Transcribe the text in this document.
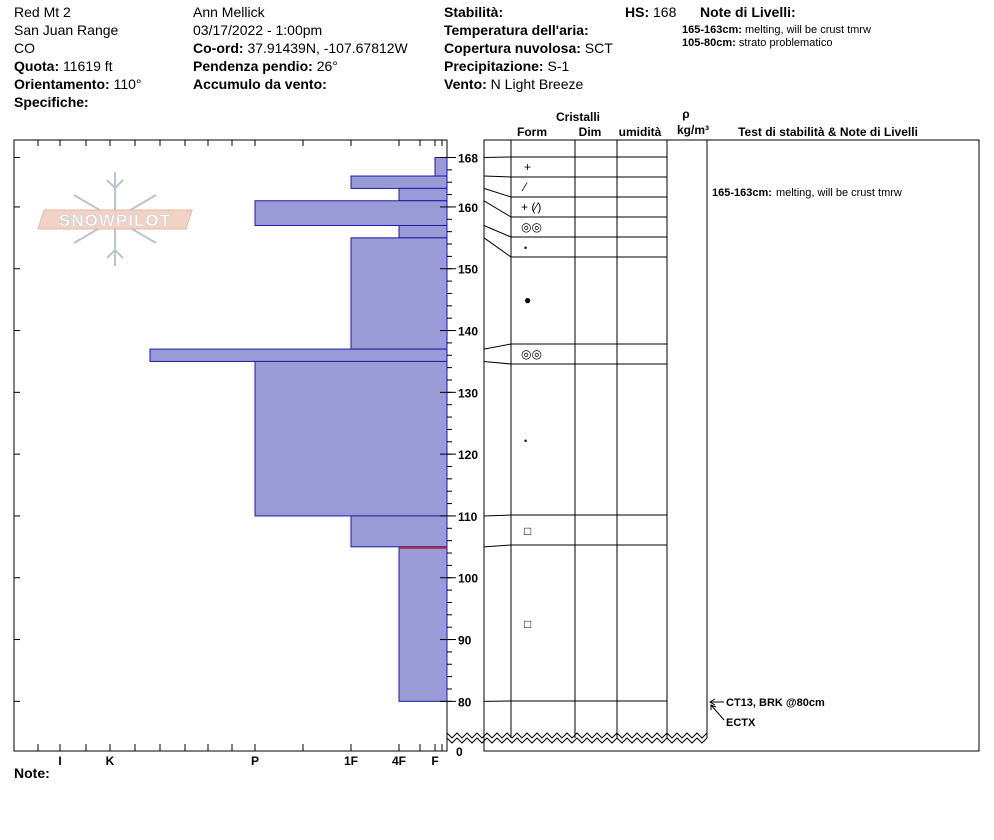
Red Mt 2
San Juan Range
CO
Quota: 11619 ft
Orientamento: 110°
Specifiche:
Ann Mellick
03/17/2022 - 1:00pm
Co-ord: 37.91439N, -107.67812W
Pendenza pendio: 26°
Accumulo da vento:
Stabilità:
Temperatura dell'aria:
Copertura nuvolosa: SCT
Precipitazione: S-1
Vento: N Light Breeze
HS: 168 Note di Livelli:
165-163cm: melting, will be crust tmrw
105-80cm: strato problematico
SNOWPILOT
I	K	P	1F	4F F
80
90
100
110
120
130
140
150
160
168
0
+
⁄
+ (⁄)
◎◎
•
●
◎◎
•
□
□
Cristalli
Form	Dim umidità
ρ
kg/m³ Test di stabilità & Note di Livelli
165-163cm: melting, will be crust tmrw
CT13, BRK @80cm
ECTX
Note:
